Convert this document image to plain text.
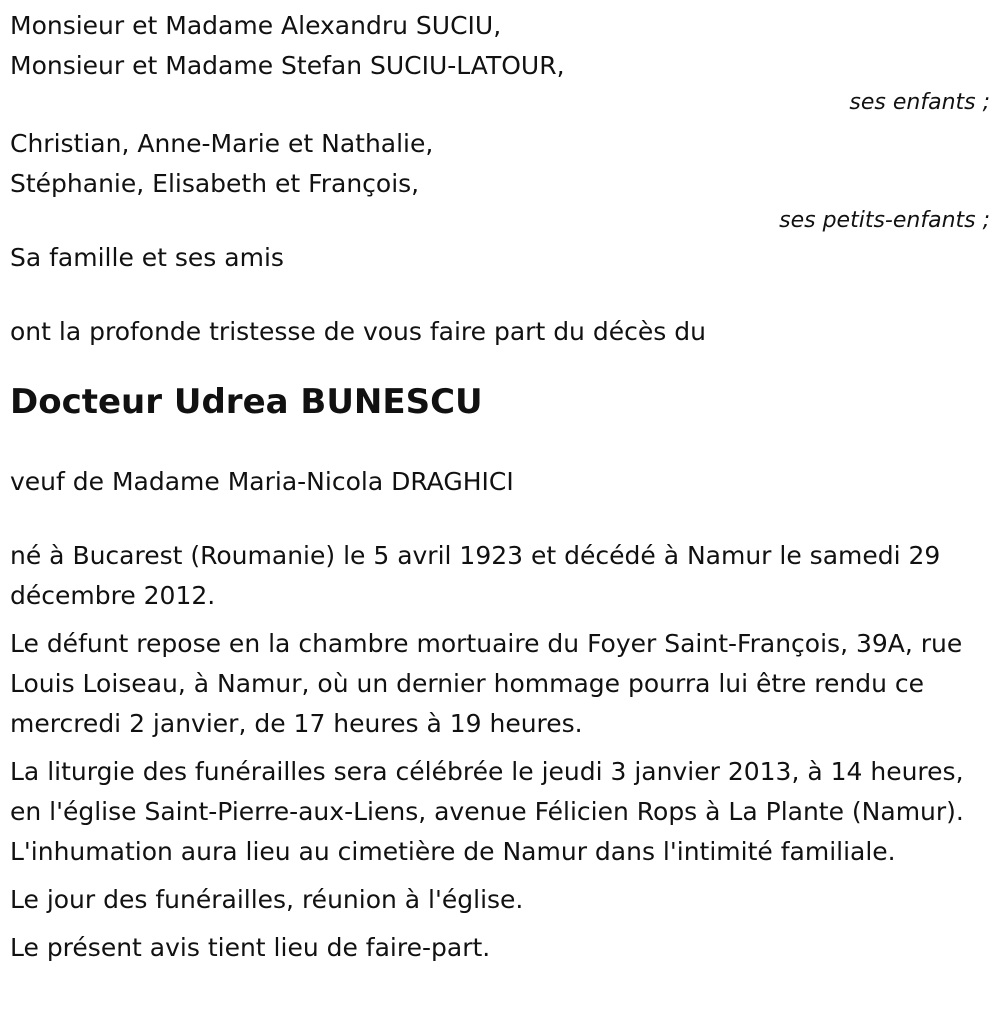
Monsieur et Madame Alexandru SUCIU,

Monsieur et Madame Stefan SUCIU-LATOUR,

ses enfants ;

Christian, Anne-Marie et Nathalie,

Stéphanie, Elisabeth et François,

ses petits-enfants ;

Sa famille et ses amis

ont la profonde tristesse de vous faire part du décès du

Docteur Udrea BUNESCU

veuf de Madame Maria-Nicola DRAGHICI

né à Bucarest (Roumanie) le 5 avril 1923 et décédé à Namur le samedi 29 décembre 2012.

Le défunt repose en la chambre mortuaire du Foyer Saint-François, 39A, rue Louis Loiseau, à Namur, où un dernier hommage pourra lui être rendu ce mercredi 2 janvier, de 17 heures à 19 heures.

La liturgie des funérailles sera célébrée le jeudi 3 janvier 2013, à 14 heures, en l'église Saint-Pierre-aux-Liens, avenue Félicien Rops à La Plante (Namur). L'inhumation aura lieu au cimetière de Namur dans l'intimité familiale.

Le jour des funérailles, réunion à l'église.

Le présent avis tient lieu de faire-part.
